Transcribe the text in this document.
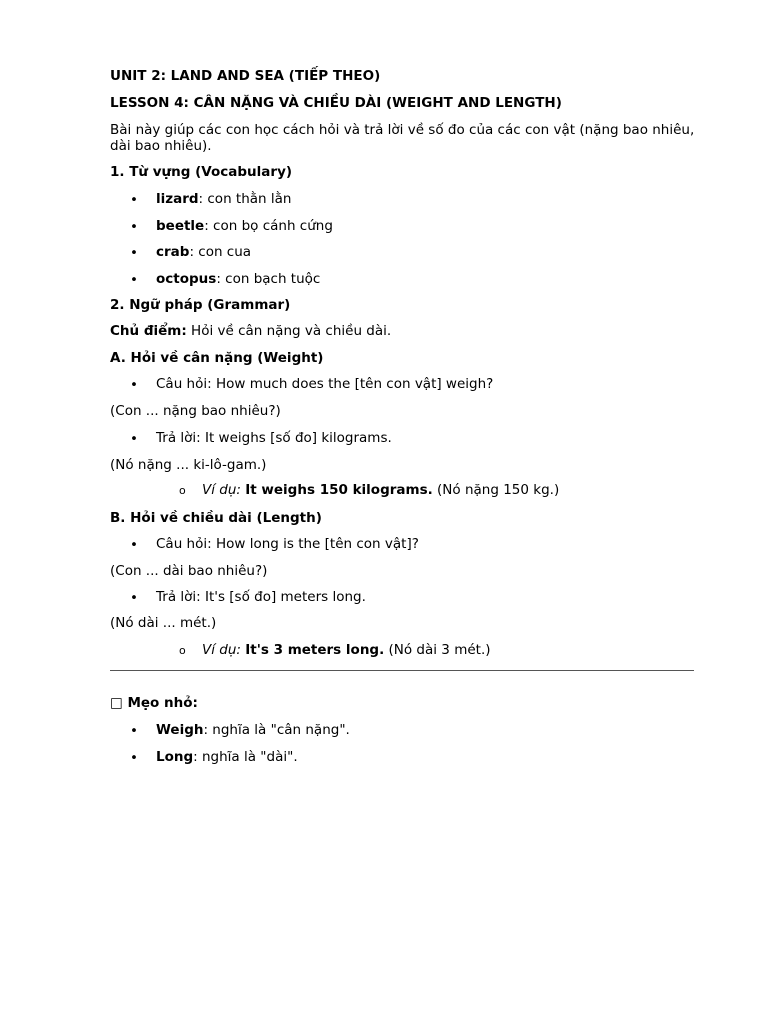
UNIT 2: LAND AND SEA (TIẾP THEO)
LESSON 4: CÂN NẶNG VÀ CHIỀU DÀI (WEIGHT AND LENGTH)
Bài này giúp các con học cách hỏi và trả lời về số đo của các con vật (nặng bao nhiêu, dài bao nhiêu).
1. Từ vựng (Vocabulary)
• lizard: con thằn lằn
• beetle: con bọ cánh cứng
• crab: con cua
• octopus: con bạch tuộc
2. Ngữ pháp (Grammar)
Chủ điểm: Hỏi về cân nặng và chiều dài.
A. Hỏi về cân nặng (Weight)
• Câu hỏi: How much does the [tên con vật] weigh?
(Con ... nặng bao nhiêu?)
• Trả lời: It weighs [số đo] kilograms.
(Nó nặng ... ki-lô-gam.)
o Ví dụ: It weighs 150 kilograms. (Nó nặng 150 kg.)
B. Hỏi về chiều dài (Length)
• Câu hỏi: How long is the [tên con vật]?
(Con ... dài bao nhiêu?)
• Trả lời: It's [số đo] meters long.
(Nó dài ... mét.)
o Ví dụ: It's 3 meters long. (Nó dài 3 mét.)
□ Mẹo nhỏ:
• Weigh: nghĩa là "cân nặng".
• Long: nghĩa là "dài".
